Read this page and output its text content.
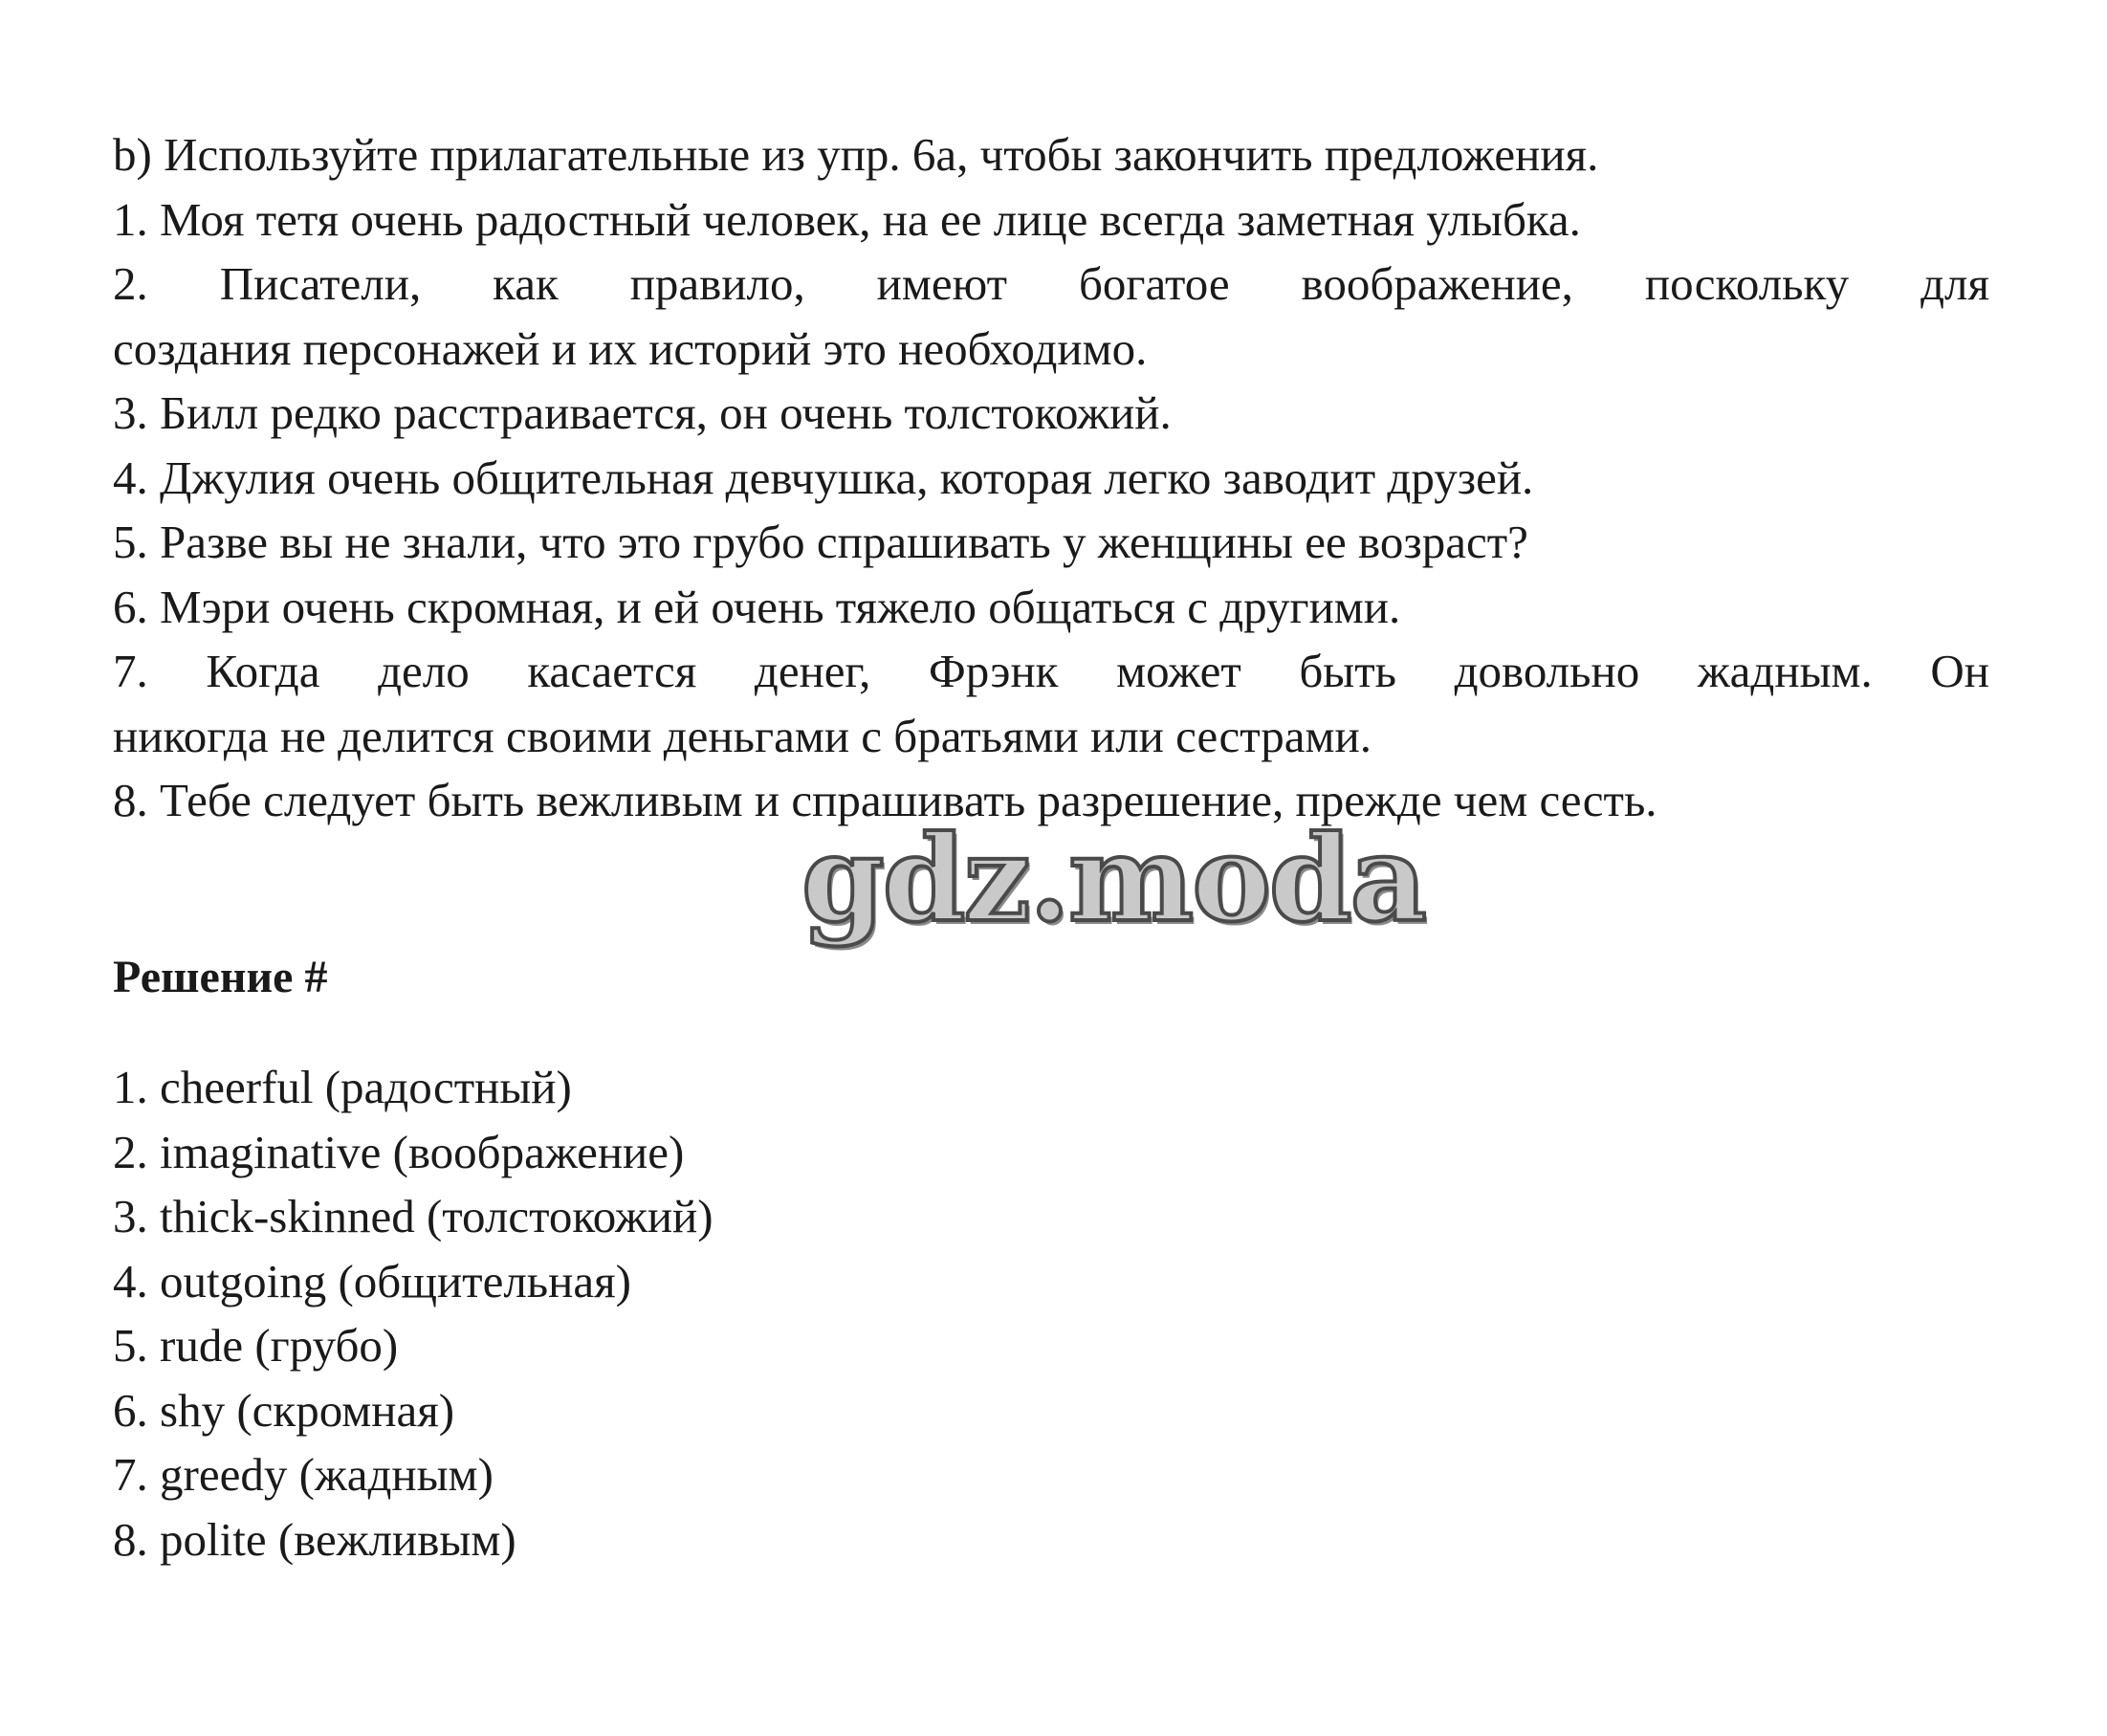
b) Используйте прилагательные из упр. 6а, чтобы закончить предложения.

1. Моя тетя очень радостный человек, на ее лице всегда заметная улыбка.

2. Писатели, как правило, имеют богатое воображение, поскольку для

создания персонажей и их историй это необходимо.

3. Билл редко расстраивается, он очень толстокожий.

4. Джулия очень общительная девчушка, которая легко заводит друзей.

5. Разве вы не знали, что это грубо спрашивать у женщины ее возраст?

6. Мэри очень скромная, и ей очень тяжело общаться с другими.

7. Когда дело касается денег, Фрэнк может быть довольно жадным. Он

никогда не делится своими деньгами с братьями или сестрами.

8. Тебе следует быть вежливым и спрашивать разрешение, прежде чем сесть.

gdz.moda

Решение #

1. cheerful (радостный)
2. imaginative (воображение)
3. thick-skinned (толстокожий)
4. outgoing (общительная)
5. rude (грубо)
6. shy (скромная)
7. greedy (жадным)
8. polite (вежливым)
